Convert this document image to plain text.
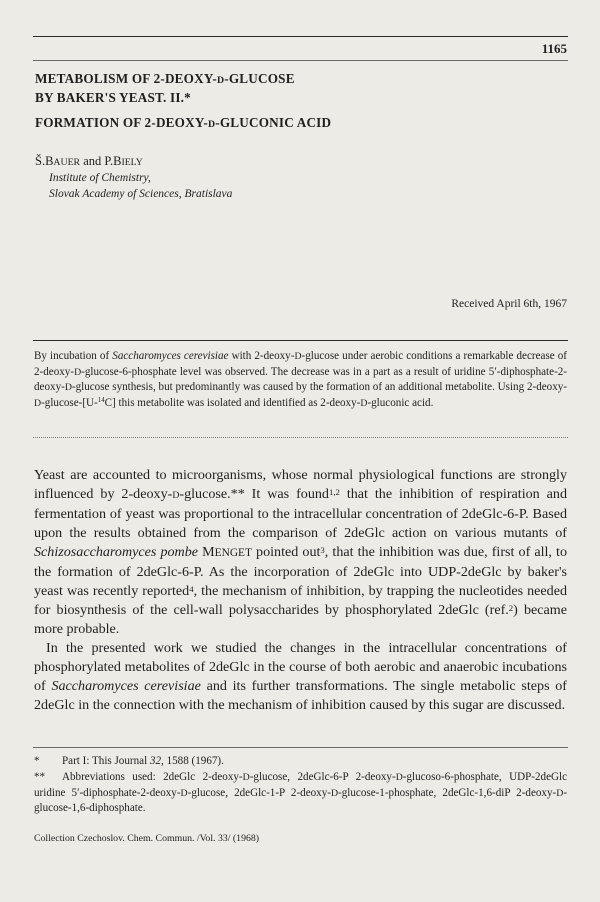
1165
METABOLISM OF 2-DEOXY-D-GLUCOSE
BY BAKER'S YEAST. II.*
FORMATION OF 2-DEOXY-D-GLUCONIC ACID
Š.BAUER and P.BIELY
Institute of Chemistry,
Slovak Academy of Sciences, Bratislava
Received April 6th, 1967

By incubation of Saccharomyces cerevisiae with 2-deoxy-D-glucose under aerobic conditions a remarkable decrease of 2-deoxy-D-glucose-6-phosphate level was observed. The decrease was in a part as a result of uridine 5′-diphosphate-2-deoxy-D-glucose synthesis, but predominantly was caused by the formation of an additional metabolite. Using 2-deoxy-D-glucose-[U-$^{14}$C] this metabolite was isolated and identified as 2-deoxy-D-gluconic acid.

Yeast are accounted to microorganisms, whose normal physiological functions are strongly influenced by 2-deoxy-D-glucose.** It was found$^{1,2}$ that the inhibition of respiration and fermentation of yeast was proportional to the intracellular concentration of 2deGlc-6-P. Based upon the results obtained from the comparison of 2deGlc action on various mutants of Schizosaccharomyces pombe MENGET pointed out$^3$, that the inhibition was due, first of all, to the formation of 2deGlc-6-P. As the incorporation of 2deGlc into UDP-2deGlc by baker's yeast was recently reported$^4$, the mechanism of inhibition, by trapping the nucleotides needed for biosynthesis of the cell-wall polysaccharides by phosphorylated 2deGlc (ref.$^2$) became more probable.

In the presented work we studied the changes in the intracellular concentrations of phosphorylated metabolites of 2deGlc in the course of both aerobic and anaerobic incubations of Saccharomyces cerevisiae and its further transformations. The single metabolic steps of 2deGlc in the connection with the mechanism of inhibition caused by this sugar are discussed.

* Part I: This Journal 32, 1588 (1967).

** Abbreviations used: 2deGlc 2-deoxy-D-glucose, 2deGlc-6-P 2-deoxy-D-glucoso-6-phosphate, UDP-2deGlc uridine 5′-diphosphate-2-deoxy-D-glucose, 2deGlc-1-P 2-deoxy-D-glucose-1-phosphate, 2deGlc-1,6-diP 2-deoxy-D-glucose-1,6-diphosphate.

Collection Czechoslov. Chem. Commun. /Vol. 33/ (1968)
